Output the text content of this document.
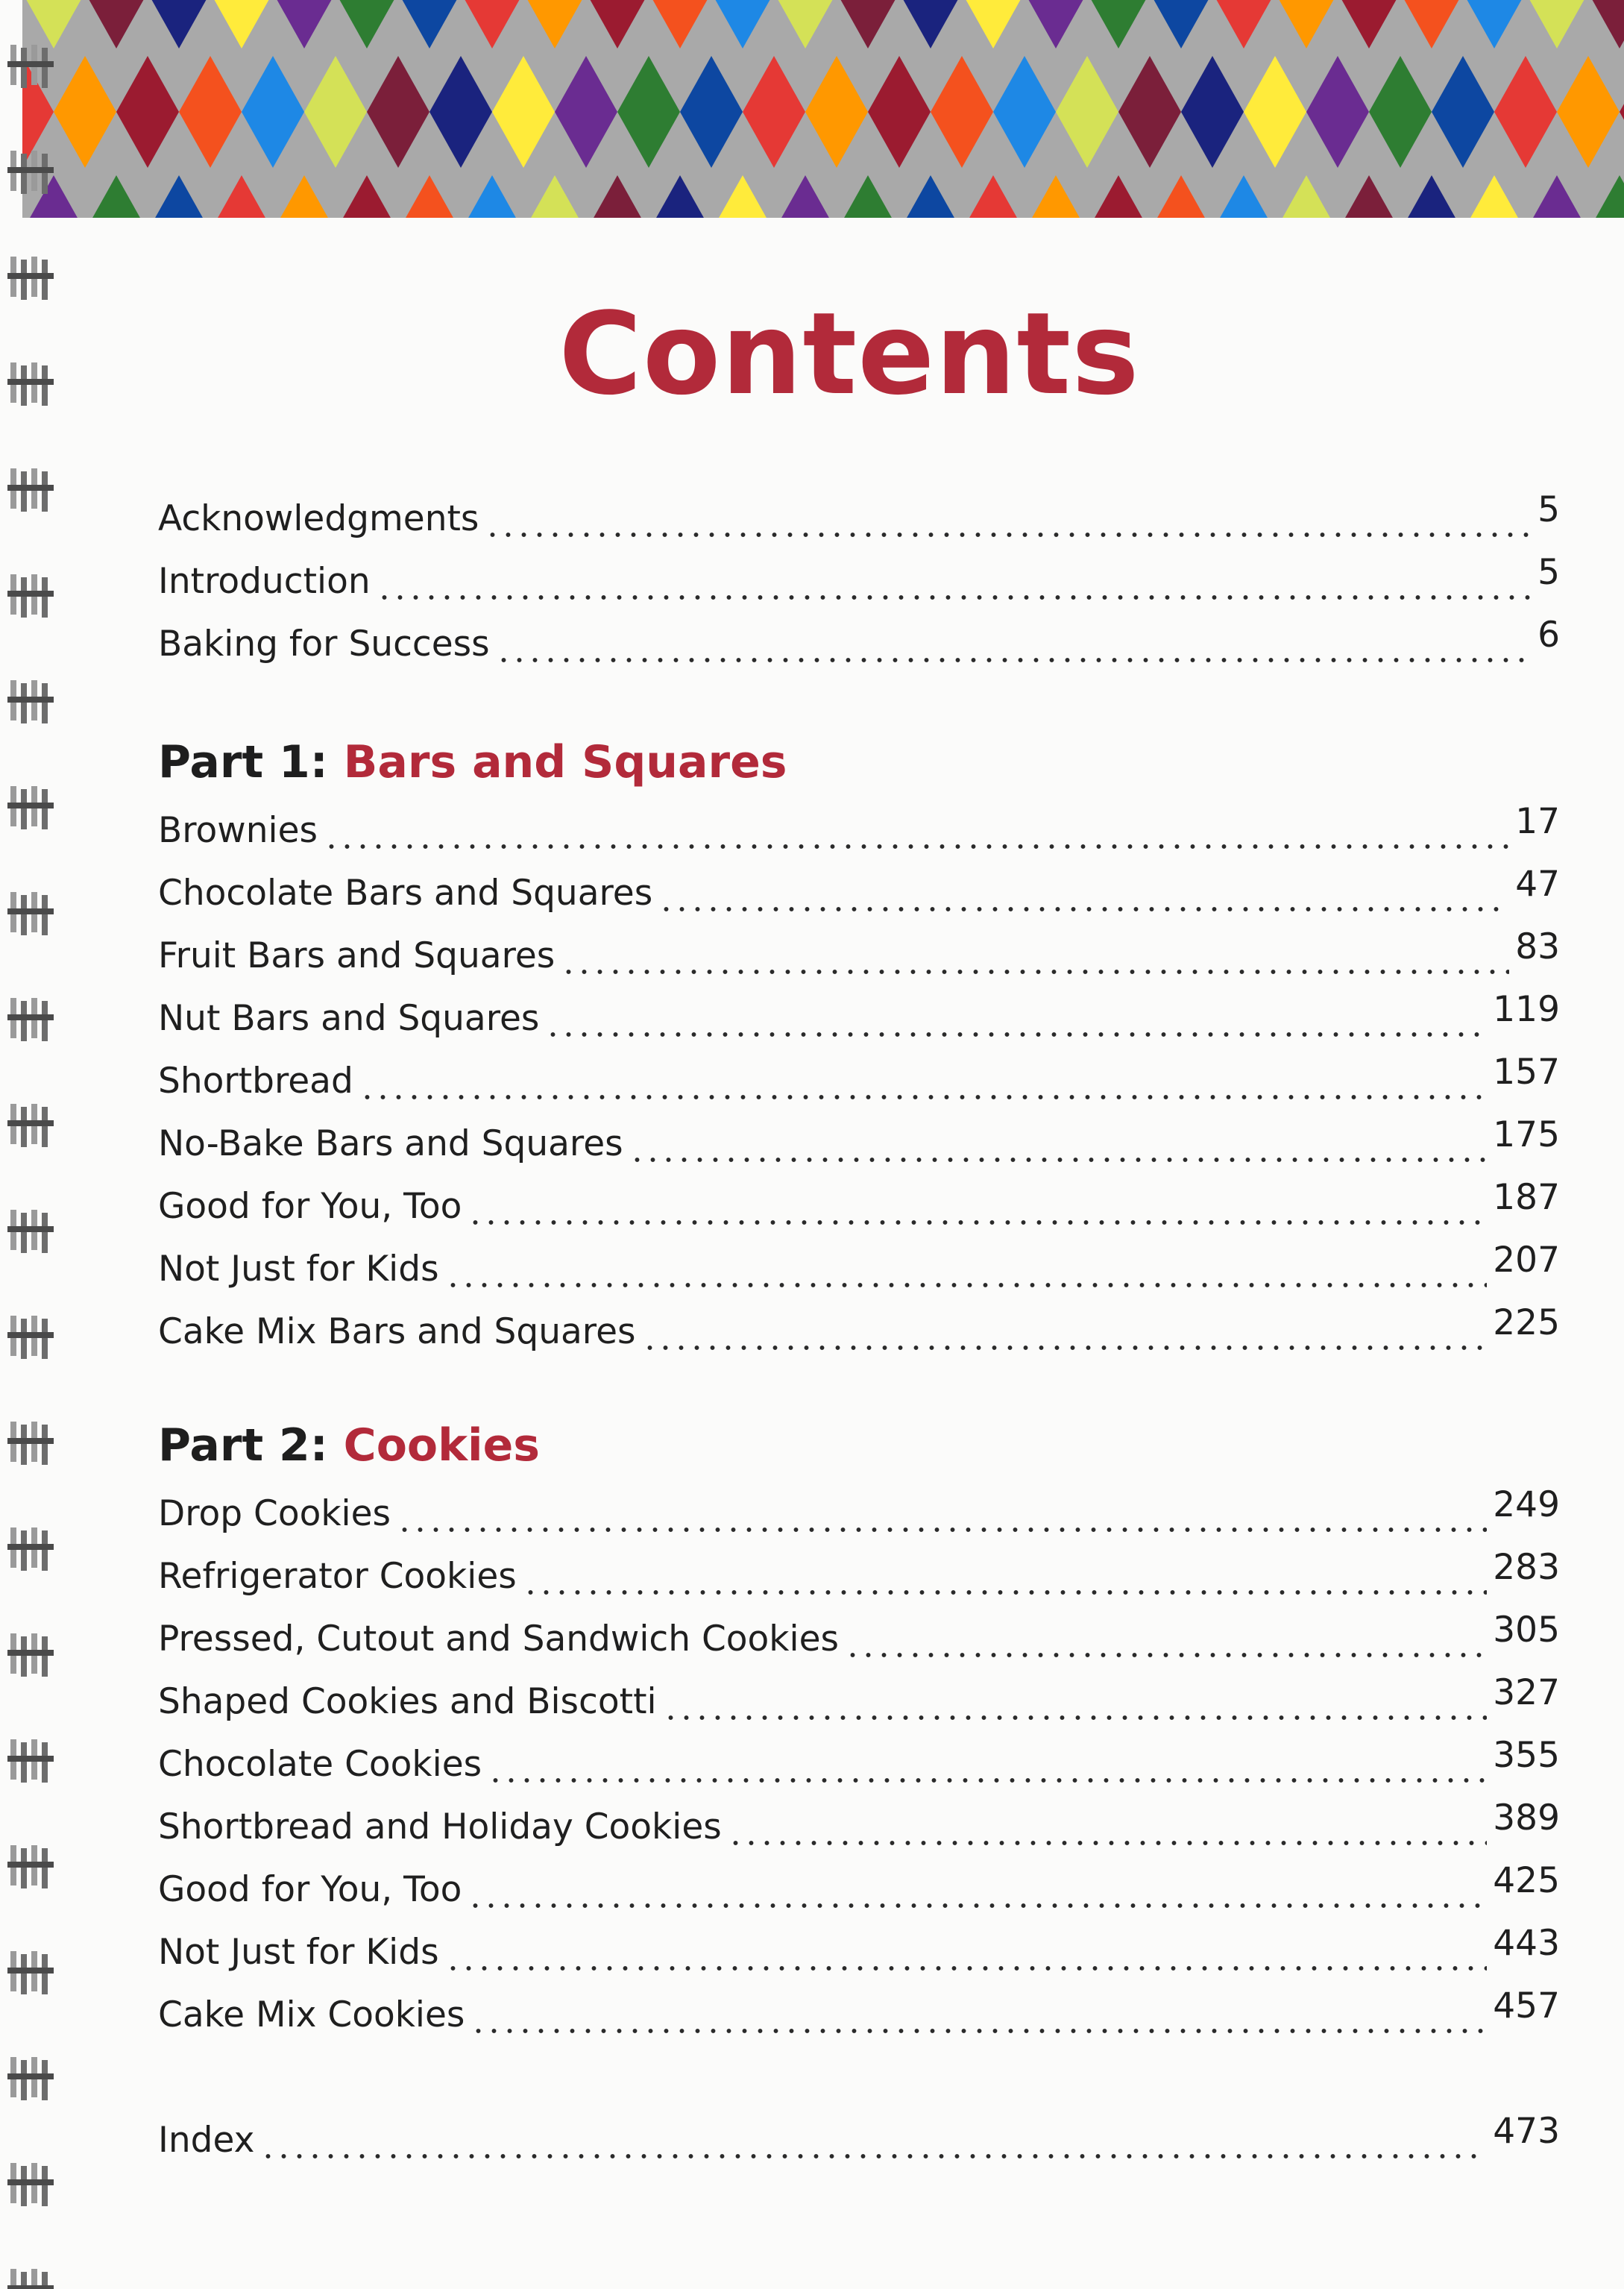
Contents
Acknowledgments	5
Introduction	5
Baking for Success	6
Part 1: Bars and Squares
Brownies	17
Chocolate Bars and Squares	47
Fruit Bars and Squares	83
Nut Bars and Squares	119
Shortbread	157
No-Bake Bars and Squares	175
Good for You, Too	187
Not Just for Kids	207
Cake Mix Bars and Squares	225
Part 2: Cookies
Drop Cookies	249
Refrigerator Cookies	283
Pressed, Cutout and Sandwich Cookies	305
Shaped Cookies and Biscotti	327
Chocolate Cookies	355
Shortbread and Holiday Cookies	389
Good for You, Too	425
Not Just for Kids	443
Cake Mix Cookies	457
Index	473
